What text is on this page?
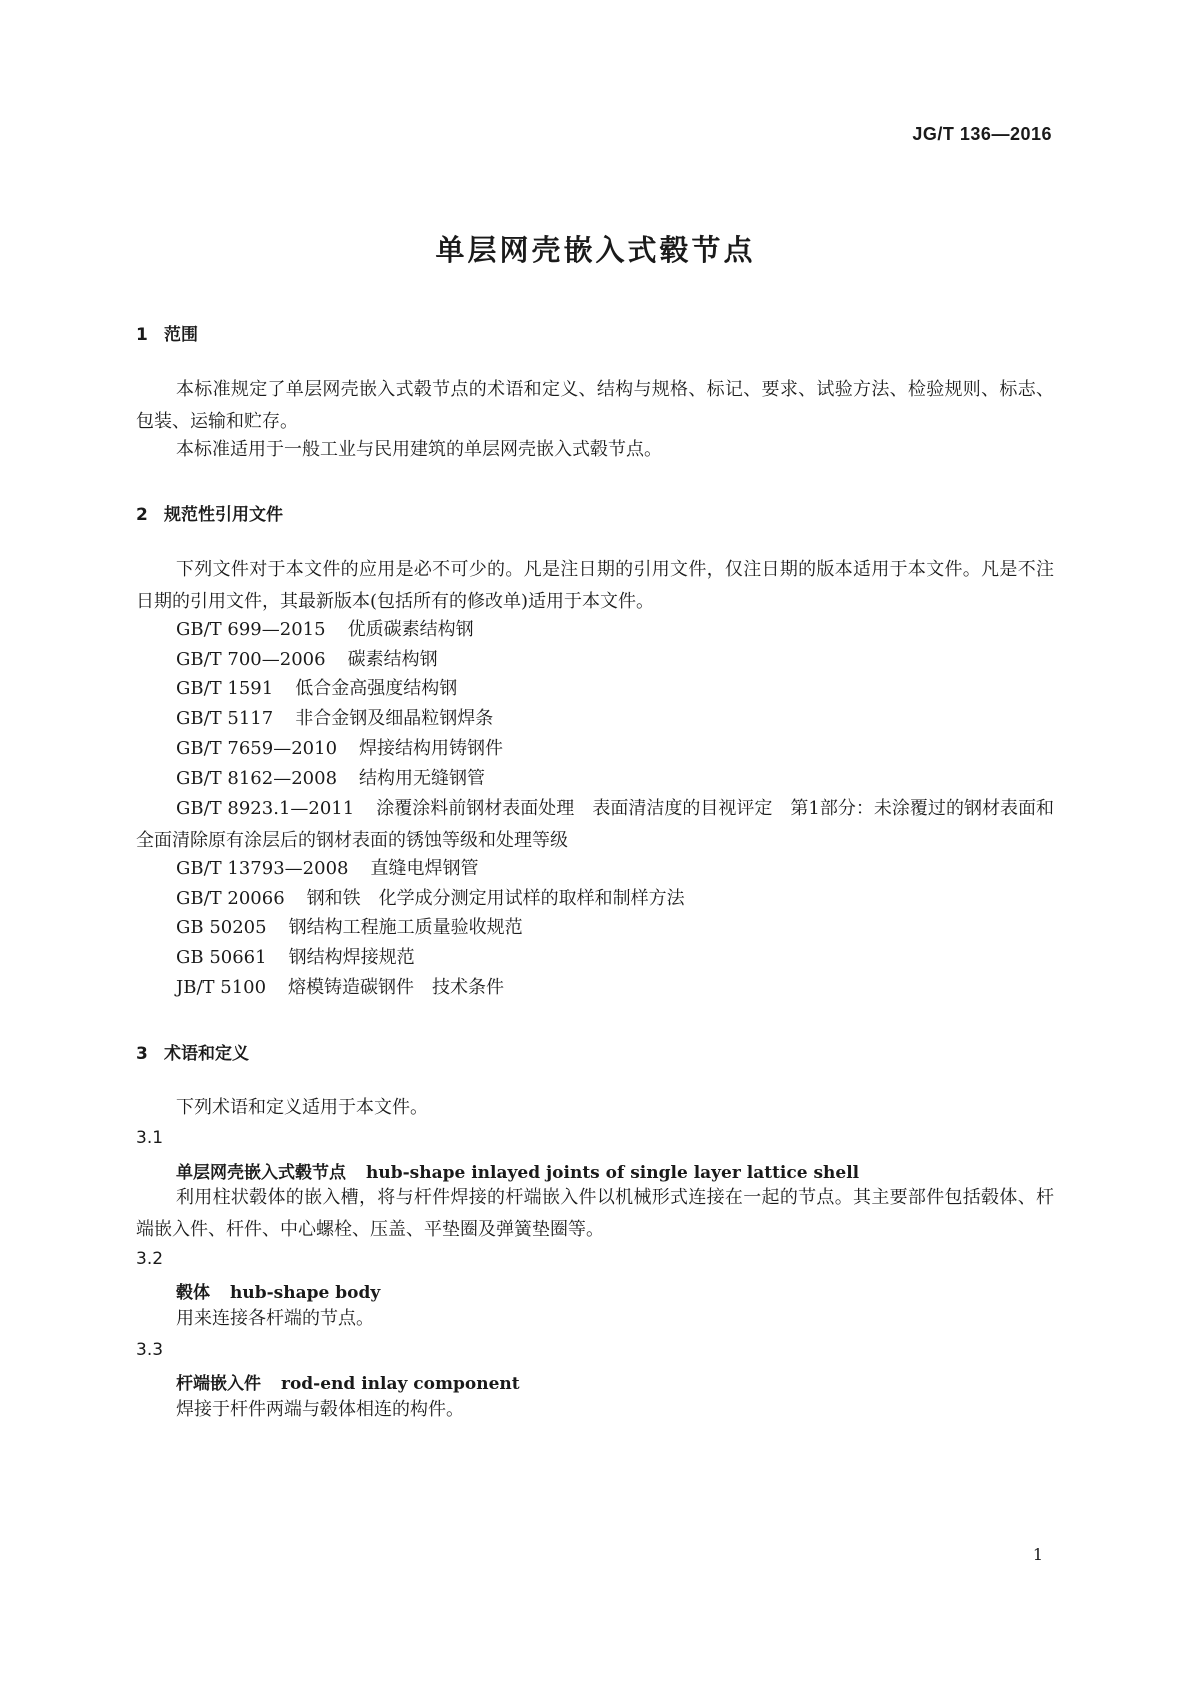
JG/T 136—2016
单层网壳嵌入式毂节点
1 范围
本标准规定了单层网壳嵌入式毂节点的术语和定义、结构与规格、标记、要求、试验方法、检验规则、标志、包装、运输和贮存。
本标准适用于一般工业与民用建筑的单层网壳嵌入式毂节点。
2 规范性引用文件
下列文件对于本文件的应用是必不可少的。凡是注日期的引用文件，仅注日期的版本适用于本文件。凡是不注日期的引用文件，其最新版本(包括所有的修改单)适用于本文件。
GB/T 699—2015 优质碳素结构钢
GB/T 700—2006 碳素结构钢
GB/T 1591 低合金高强度结构钢
GB/T 5117 非合金钢及细晶粒钢焊条
GB/T 7659—2010 焊接结构用铸钢件
GB/T 8162—2008 结构用无缝钢管
GB/T 8923.1—2011 涂覆涂料前钢材表面处理　表面清洁度的目视评定　第1部分：未涂覆过的钢材表面和全面清除原有涂层后的钢材表面的锈蚀等级和处理等级
GB/T 13793—2008 直缝电焊钢管
GB/T 20066 钢和铁　化学成分测定用试样的取样和制样方法
GB 50205 钢结构工程施工质量验收规范
GB 50661 钢结构焊接规范
JB/T 5100 熔模铸造碳钢件　技术条件
3 术语和定义
下列术语和定义适用于本文件。
3.1
单层网壳嵌入式毂节点 hub-shape inlayed joints of single layer lattice shell
利用柱状毂体的嵌入槽，将与杆件焊接的杆端嵌入件以机械形式连接在一起的节点。其主要部件包括毂体、杆端嵌入件、杆件、中心螺栓、压盖、平垫圈及弹簧垫圈等。
3.2
毂体 hub-shape body
用来连接各杆端的节点。
3.3
杆端嵌入件 rod-end inlay component
焊接于杆件两端与毂体相连的构件。
1
